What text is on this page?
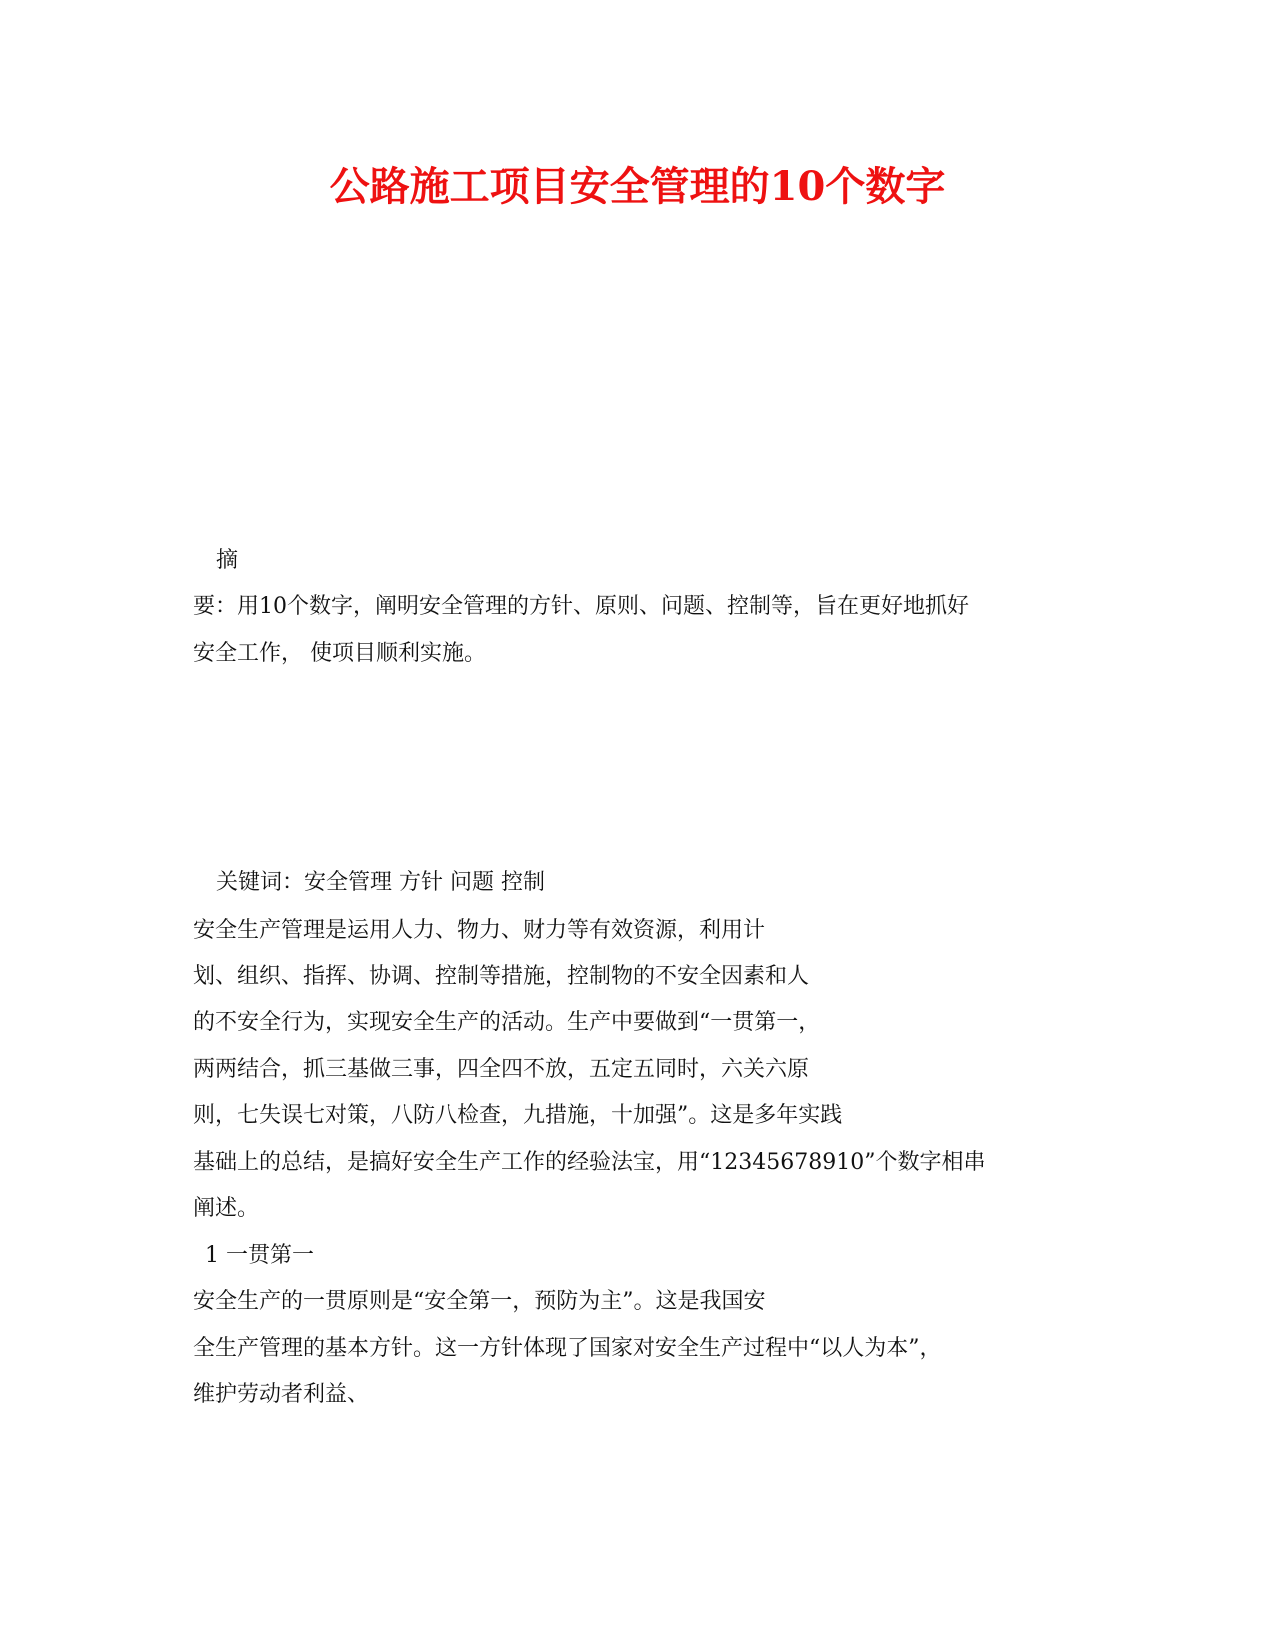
公路施工项目安全管理的10个数字
摘
要：用10个数字，阐明安全管理的方针、原则、问题、控制等，旨在更好地抓好
安全工作， 使项目顺利实施。
关键词：安全管理 方针 问题 控制
安全生产管理是运用人力、物力、财力等有效资源，利用计
划、组织、指挥、协调、控制等措施，控制物的不安全因素和人
的不安全行为，实现安全生产的活动。生产中要做到“一贯第一，
两两结合，抓三基做三事，四全四不放，五定五同时，六关六原
则，七失误七对策，八防八检查，九措施，十加强”。这是多年实践
基础上的总结，是搞好安全生产工作的经验法宝，用“12345678910”个数字相串
阐述。
1 一贯第一
安全生产的一贯原则是“安全第一，预防为主”。这是我国安
全生产管理的基本方针。这一方针体现了国家对安全生产过程中“以人为本”，
维护劳动者利益、
